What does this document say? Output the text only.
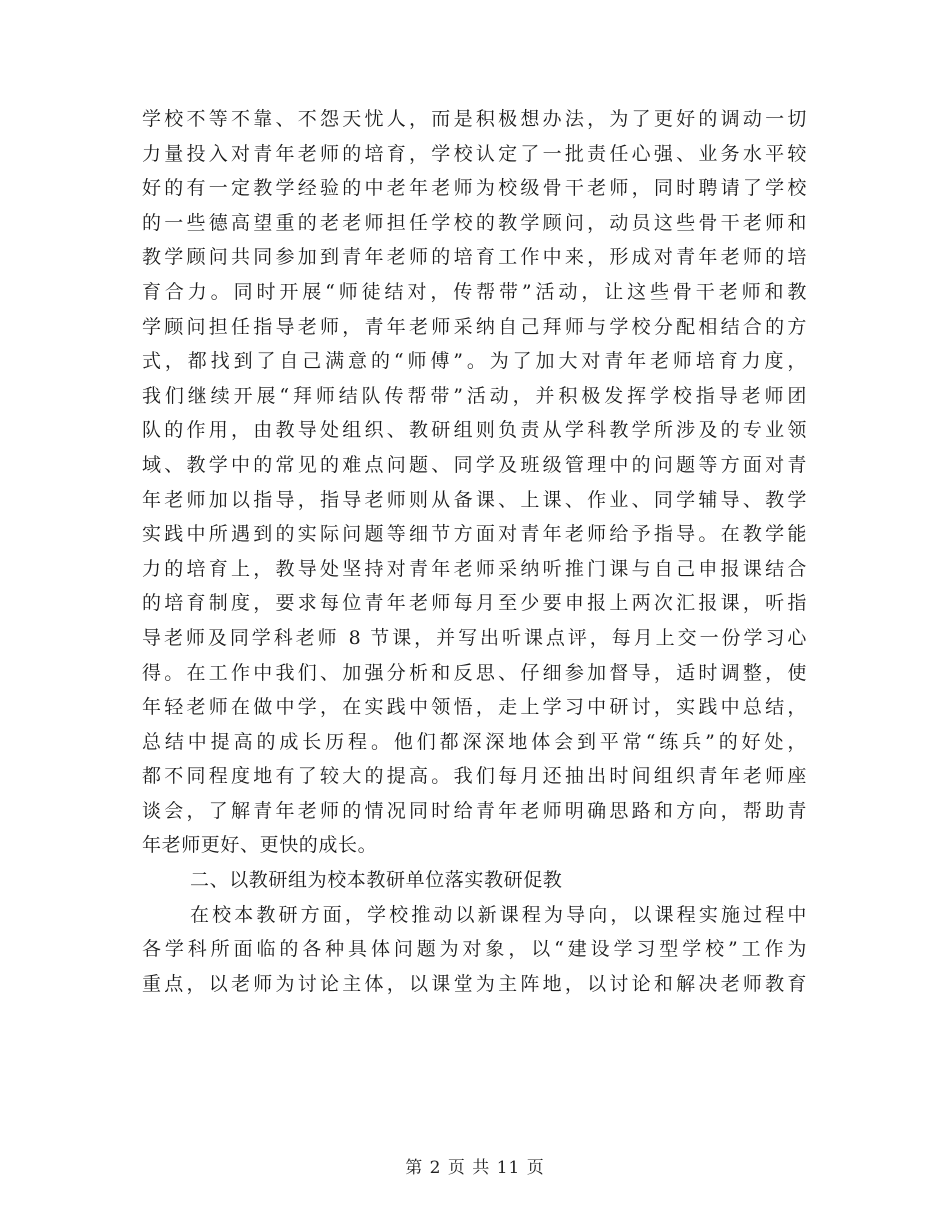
学校不等不靠、不怨天忧人，而是积极想办法，为了更好的调动一切
力量投入对青年老师的培育，学校认定了一批责任心强、业务水平较
好的有一定教学经验的中老年老师为校级骨干老师，同时聘请了学校
的一些德高望重的老老师担任学校的教学顾问，动员这些骨干老师和
教学顾问共同参加到青年老师的培育工作中来，形成对青年老师的培
育合力。同时开展“师徒结对，传帮带”活动，让这些骨干老师和教
学顾问担任指导老师，青年老师采纳自己拜师与学校分配相结合的方
式，都找到了自己满意的“师傅”。为了加大对青年老师培育力度，
我们继续开展“拜师结队传帮带”活动，并积极发挥学校指导老师团
队的作用，由教导处组织、教研组则负责从学科教学所涉及的专业领
域、教学中的常见的难点问题、同学及班级管理中的问题等方面对青
年老师加以指导，指导老师则从备课、上课、作业、同学辅导、教学
实践中所遇到的实际问题等细节方面对青年老师给予指导。在教学能
力的培育上，教导处坚持对青年老师采纳听推门课与自己申报课结合
的培育制度，要求每位青年老师每月至少要申报上两次汇报课，听指
导老师及同学科老师 8 节课，并写出听课点评，每月上交一份学习心
得。在工作中我们、加强分析和反思、仔细参加督导，适时调整，使
年轻老师在做中学，在实践中领悟，走上学习中研讨，实践中总结，
总结中提高的成长历程。他们都深深地体会到平常“练兵”的好处，
都不同程度地有了较大的提高。我们每月还抽出时间组织青年老师座
谈会，了解青年老师的情况同时给青年老师明确思路和方向，帮助青
年老师更好、更快的成长。
二、以教研组为校本教研单位落实教研促教
在校本教研方面，学校推动以新课程为导向，以课程实施过程中
各学科所面临的各种具体问题为对象，以“建设学习型学校”工作为
重点，以老师为讨论主体，以课堂为主阵地，以讨论和解决老师教育
第 2 页 共 11 页
